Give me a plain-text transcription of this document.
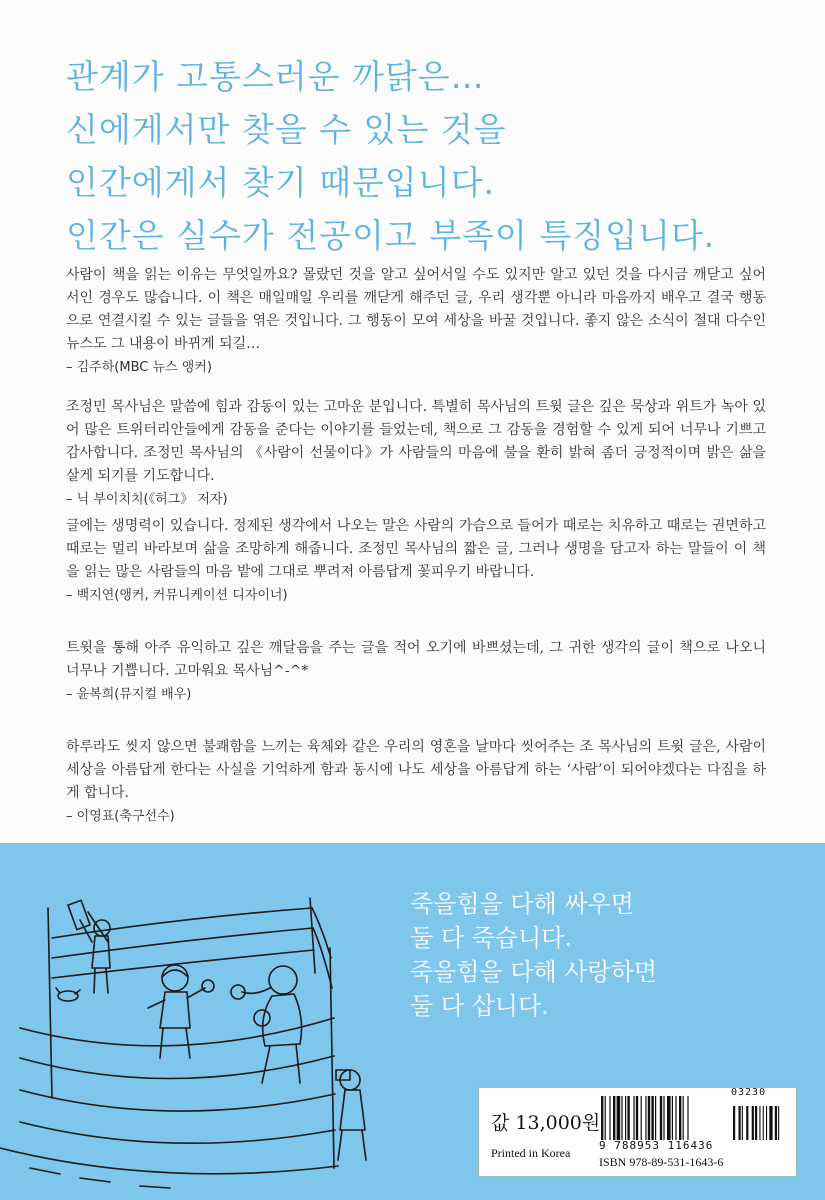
관계가 고통스러운 까닭은…
신에게서만 찾을 수 있는 것을
인간에게서 찾기 때문입니다.
인간은 실수가 전공이고 부족이 특징입니다.

사람이 책을 읽는 이유는 무엇일까요? 몰랐던 것을 알고 싶어서일 수도 있지만 알고 있던 것을 다시금 깨닫고 싶어서인 경우도 많습니다. 이 책은 매일매일 우리를 깨닫게 해주던 글, 우리 생각뿐 아니라 마음까지 배우고 결국 행동으로 연결시킬 수 있는 글들을 엮은 것입니다. 그 행동이 모여 세상을 바꿀 것입니다. 좋지 않은 소식이 절대 다수인 뉴스도 그 내용이 바뀌게 되길…

– 김주하(MBC 뉴스 앵커)

조정민 목사님은 말씀에 힘과 감동이 있는 고마운 분입니다. 특별히 목사님의 트윗 글은 깊은 묵상과 위트가 녹아 있어 많은 트위터리안들에게 감동을 준다는 이야기를 들었는데, 책으로 그 감동을 경험할 수 있게 되어 너무나 기쁘고 감사합니다. 조정민 목사님의 《사람이 선물이다》가 사람들의 마음에 불을 환히 밝혀 좀더 긍정적이며 밝은 삶을 살게 되기를 기도합니다.

– 닉 부이치치(《허그》 저자)

글에는 생명력이 있습니다. 정제된 생각에서 나오는 말은 사람의 가슴으로 들어가 때로는 치유하고 때로는 권면하고 때로는 멀리 바라보며 삶을 조망하게 해줍니다. 조정민 목사님의 짧은 글, 그러나 생명을 담고자 하는 말들이 이 책을 읽는 많은 사람들의 마음 밭에 그대로 뿌려져 아름답게 꽃피우기 바랍니다.

– 백지연(앵커, 커뮤니케이션 디자이너)

트윗을 통해 아주 유익하고 깊은 깨달음을 주는 글을 적어 오기에 바쁘셨는데, 그 귀한 생각의 글이 책으로 나오니 너무나 기쁩니다. 고마워요 목사님^-^*

– 윤복희(뮤지컬 배우)

하루라도 씻지 않으면 불쾌함을 느끼는 육체와 같은 우리의 영혼을 날마다 씻어주는 조 목사님의 트윗 글은, 사람이 세상을 아름답게 한다는 사실을 기억하게 함과 동시에 나도 세상을 아름답게 하는 ‘사람’이 되어야겠다는 다짐을 하게 합니다.

– 이영표(축구선수)
죽을힘을 다해 싸우면
둘 다 죽습니다.
죽을힘을 다해 사랑하면
둘 다 삽니다.
값 13,000원
Printed in Korea
03230
9 788953 116436
ISBN 978-89-531-1643-6
